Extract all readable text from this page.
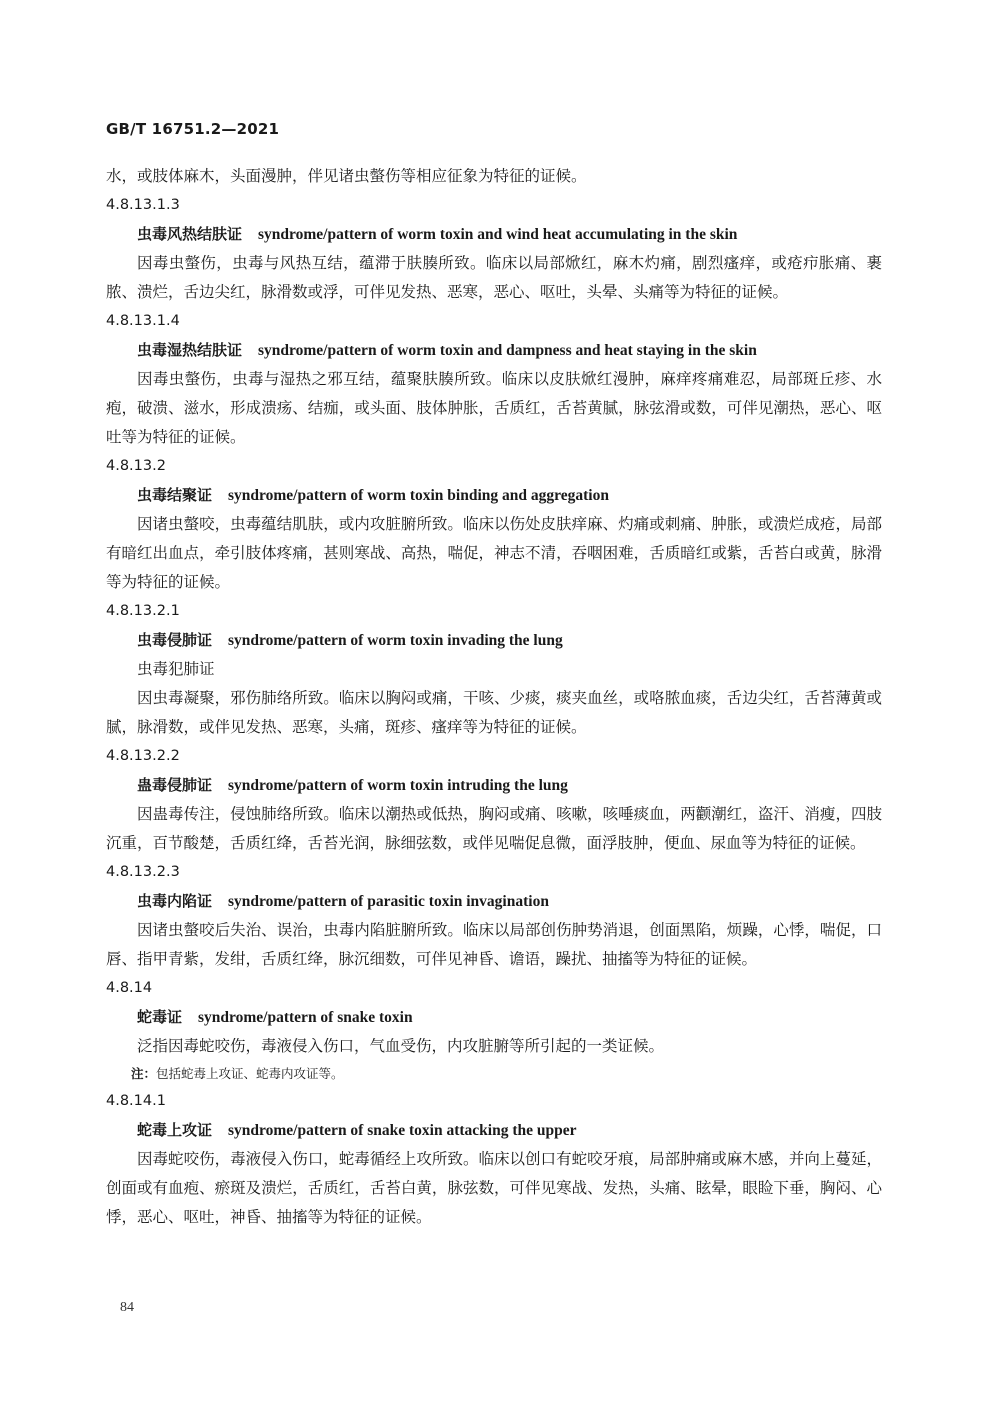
GB/T 16751.2—2021
水，或肢体麻木，头面漫肿，伴见诸虫螫伤等相应征象为特征的证候。
4.8.13.1.3
虫毒风热结肤证 syndrome/pattern of worm toxin and wind heat accumulating in the skin
因毒虫螫伤，虫毒与风热互结，蕴滞于肤腠所致。临床以局部焮红，麻木灼痛，剧烈瘙痒，或疮疖胀痛、裹脓、溃烂，舌边尖红，脉滑数或浮，可伴见发热、恶寒，恶心、呕吐，头晕、头痛等为特征的证候。
4.8.13.1.4
虫毒湿热结肤证 syndrome/pattern of worm toxin and dampness and heat staying in the skin
因毒虫螫伤，虫毒与湿热之邪互结，蕴聚肤腠所致。临床以皮肤焮红漫肿，麻痒疼痛难忍，局部斑丘疹、水疱，破溃、滋水，形成溃疡、结痂，或头面、肢体肿胀，舌质红，舌苔黄腻，脉弦滑或数，可伴见潮热，恶心、呕吐等为特征的证候。
4.8.13.2
虫毒结聚证 syndrome/pattern of worm toxin binding and aggregation
因诸虫螫咬，虫毒蕴结肌肤，或内攻脏腑所致。临床以伤处皮肤痒麻、灼痛或刺痛、肿胀，或溃烂成疮，局部有暗红出血点，牵引肢体疼痛，甚则寒战、高热，喘促，神志不清，吞咽困难，舌质暗红或紫，舌苔白或黄，脉滑等为特征的证候。
4.8.13.2.1
虫毒侵肺证 syndrome/pattern of worm toxin invading the lung
虫毒犯肺证
因虫毒凝聚，邪伤肺络所致。临床以胸闷或痛，干咳、少痰，痰夹血丝，或咯脓血痰，舌边尖红，舌苔薄黄或腻，脉滑数，或伴见发热、恶寒，头痛，斑疹、瘙痒等为特征的证候。
4.8.13.2.2
蛊毒侵肺证 syndrome/pattern of worm toxin intruding the lung
因蛊毒传注，侵蚀肺络所致。临床以潮热或低热，胸闷或痛、咳嗽，咳唾痰血，两颧潮红，盗汗、消瘦，四肢沉重，百节酸楚，舌质红绛，舌苔光润，脉细弦数，或伴见喘促息微，面浮肢肿，便血、尿血等为特征的证候。
4.8.13.2.3
虫毒内陷证 syndrome/pattern of parasitic toxin invagination
因诸虫螫咬后失治、误治，虫毒内陷脏腑所致。临床以局部创伤肿势消退，创面黑陷，烦躁，心悸，喘促，口唇、指甲青紫，发绀，舌质红绛，脉沉细数，可伴见神昏、谵语，躁扰、抽搐等为特征的证候。
4.8.14
蛇毒证 syndrome/pattern of snake toxin
泛指因毒蛇咬伤，毒液侵入伤口，气血受伤，内攻脏腑等所引起的一类证候。
注：包括蛇毒上攻证、蛇毒内攻证等。
4.8.14.1
蛇毒上攻证 syndrome/pattern of snake toxin attacking the upper
因毒蛇咬伤，毒液侵入伤口，蛇毒循经上攻所致。临床以创口有蛇咬牙痕，局部肿痛或麻木感，并向上蔓延，创面或有血疱、瘀斑及溃烂，舌质红，舌苔白黄，脉弦数，可伴见寒战、发热，头痛、眩晕，眼睑下垂，胸闷、心悸，恶心、呕吐，神昏、抽搐等为特征的证候。
84
